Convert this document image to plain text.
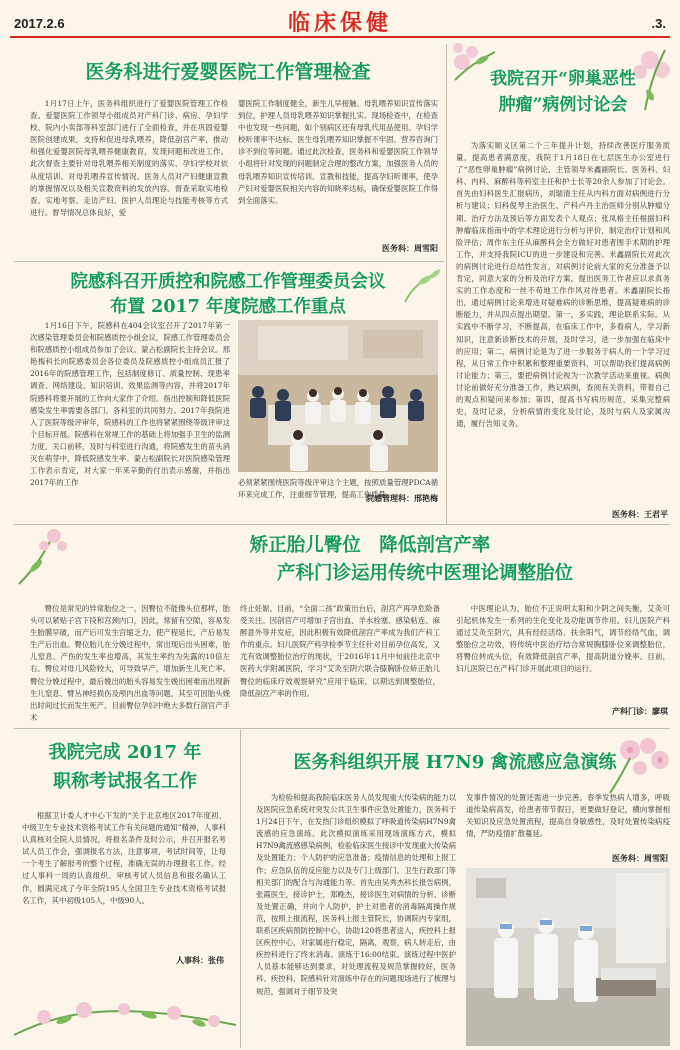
2017.2.6	临床保健	.3.
医务科进行爱婴医院工作管理检查

1月17日上午，医务科组织进行了爱婴医院管理工作检查。爱婴医院工作领导小组成员对产科门诊、病房、孕妇学校、院内小卖部等科室部门进行了全面检查，并在巩固爱婴医院创建成果，支持和促进母乳喂养，降低剖宫产率，推动和强化爱婴医院母乳喂养健康教育，发现问题和改进工作。此次督查主要针对母乳喂养相关制度的落实、孕妇学校对依从度培训、对母乳喂养宣传情况、医务人员对产妇健康宣教的掌握情况以及相关宣教资料的发放内容。督查采取实地检查、实地考察、走访产妇、医护人员理论与技能考核等方式进行。督导情况总体良好，爱

婴医院工作制度健全，新生儿早接触、母乳喂养知识宣传落实到位，护理人员母乳喂养知识掌握扎实。现场检查中，在检查中也发现一些问题，如个别病区还有母乳代用品使用、孕妇学校听课率不达标、医生母乳喂养知识掌握不牢固、营养咨询门诊不到位等问题。通过此次检查，医务科和爱婴医院工作领导小组将针对发现的问题制定合理的整改方案，加强医务人员的母乳喂养知识宣传培训、宣教和技能，提高孕妇听课率，使孕产妇对爱婴医院相关内容的知晓率达标，确保爱婴医院工作得到全面落实。

医务科：周雪阳
院感科召开质控和院感工作管理委员会议
布置 2017 年度院感工作重点

1月16日下午，院感科在404会议室召开了2017年第一次感染管理委员会和院感质控小组会议，院感工作管理委员会和院感质控小组成员参加了会议。蒙占松副院长主持会议。邢艳梅科长向院感委员会各位委员及院感质控小组成员汇报了2016年的院感管理工作，包括制度修订、质量控制、现患率调查、网络建设、知识培训、效果监测等内容，并将2017年院感科将要开展的工作向大家作了介绍。指出控制和降低医院感染发生率需要各部门、各科室的共同努力。2017年我院进入了医院等级评审年，院感科的工作也将紧紧围绕等级评审这个目标开展。院感科在常规工作的基础上将加强手卫生的监测力度，关口前移，及时与科室进行沟通，将院感发生的苗头消灭在萌芽中，降低院感发生率。蒙占松副院长对医院感染管理工作表示肯定，对大家一年来辛勤的付出表示感谢，并指出2017年的工作	必须紧紧围绕医院等级评审这个主题，按照质量管理PDCA循环来完成工作，注重细节管理，提高工作质量。
院感管理科：邢艳梅
我院召开“卵巢恶性
肿瘤”病例讨论会

为落实顺义区第二个三年提升计划，持续改善医疗服务质量，提高患者满意度，我院于1月18日在七层医生办公室进行了“恶性卵巢肿瘤”病例讨论，主管领导米鑫副院长、医务科、妇科、内科、麻醉科等科室主任和护士长等20余人参加了讨论会。首先由妇科医生汇报病历，刘瑞清主任从内科方面对病例进行分析与建议；妇科倪琴主治医生、产科卢丹主治医师分别从肿瘤分期、治疗方法及预后等方面发表个人观点；张凤格主任根据妇科肿瘤临床指南中的学术理论进行分析与评价，制定治疗计划和风险评估；周作东主任从麻醉科会全方做好对患者围手术期的护理工作，并支持我院ICU的进一步建设和完善。米鑫副院长对此次的病例讨论进行总结性发言，对病例讨论前大家的充分准备予以肯定，同意大家的分析及治疗方案，提出医务工作者应以求真务实的工作态度和一丝不苟地工作作风对待患者。米鑫副院长指出，通过病例讨论来增进对疑难病的诊断思维，提高疑难病的诊断能力，并从四点提出期望。第一，多实践，理论联系实际。从实践中不断学习，不断提高，在临床工作中，多看病人，学习新知识，注意新诊断技术的开展，及时学习，进一步加强在临床中的应用；第二，病例讨论是为了进一步服务于病人的一个学习过程，从日常工作中积累和整理重要资料，可以帮助我们提高病例讨论能力；第三，要把病例讨论视为一次教学活动来重视。病例讨论前做好充分准备工作，熟记病例，查阅有关资料，带着自己的观点和疑问来参加；第四，提高书写病历规范，采集完整病史，及时记录，分析病情的变化及讨论，及时与病人及家属沟通，履行告知义务。

医务科：王君平
矫正胎儿臀位　降低剖宫产率
产科门诊运用传统中医理论调整胎位

臀位是常见的异常胎位之一，因臀位不能像头位那样，胎头可以紧贴子宫下段和宫颈内口，因此，常留有空隙，容易发生胎膜早破，而产后可发生宫缩乏力，使产程延长，产后易发生产后出血。臀位胎儿在分娩过程中，常出现后出头困难，胎儿窒息、产伤的发生率也增高，其发生率约为先露的10倍左右。臀位对母儿风险较大，可导致早产，增加新生儿死亡率。臀位分娩过程中，最后娩出的胎头容易发生娩出困难而出现新生儿窒息、臂丛神经损伤及颅内出血等问题，其至可因胎头娩出时间过长而发生死产。目前臀位孕妇中绝大多数行剖宫产手术

终止妊娠。目前，“全面二孩”政策出台后，剖宫产再孕危险备受关注。因剖宫产可增加子宫出血、羊水栓塞、感染粘连、麻醉意外等并发症，因此积极有效降低剖宫产率成为我们产科工作的重点。妇儿医院产科孕检季节主任针对目前孕位高发，又尤有效调整胎位治疗的现状，于2016年11月中旬前往北京中医药大学附属医院，学习“艾灸至阴穴联合膝胸卧位矫正胎儿臀位的临床疗效观察研究”应用于临床，以期达到调整胎位，降低剖宫产率的作用。

中医理论认为，胎位不正说明太阳和少阴之间失衡，艾灸可引起机体发生一系列的生化变化及功能调节作用。妇儿医院产科通过艾灸至阴穴，具有经经活络、扶余阳气，调节经络气血，调整胎位之功效，将传统中医治疗结合常规胸膝卧位来调整胎位，将臀位转成头位，有效降低剖宫产率，提高阴道分娩率。目前，妇儿医院已在产科门诊开展此项目的运行。

产科门诊：廖琪
我院完成 2017 年
职称考试报名工作

根据卫计委人才中心下发的“关于北京地区2017年度初、中级卫生专业技术资格考试工作有关问题的通知”精神，人事科认真核对全院人员情况，将报名条件及时公示，并召开报名考试人员工作会，强调报名方法，注意事项，考试时间等，让每一个考生了解报考的整个过程，准确无误的办理报名工作。经过人事科一周的认真组织、审核考试人员信息和报名确认工作，圆满完成了今年全院195人全国卫生专业技术资格考试报名工作，其中初级105人，中级90人。

人事科：张伟
医务科组织开展 H7N9 禽流感应急演练

为检验和提高我院临床医务人员发现重大传染病的能力以及医院应急系统对突发公共卫生事件应急处置能力，医务科于1月24日下午，在发热门诊组织模拟了呼吸道传染病H7N9禽流感的应急演练。此次模拟演练采用现场演练方式，模拟H7N9禽流感感染病例，检验临床医生接诊中发现重大传染病及处置能力；个人防护的应急准备；疫情信息的处理和上报工作；应急队伍的反应能力以及专门上级部门、卫生行政部门等相关部门的配合与沟通能力等。首先由吴秀杰科长报告病例，张霞医生，接诊护士，郑晚杰，接诊医生对病情的分析、诊断及处置正确，并向个人防护，护士对患者的消毒隔离操作规范，按照上报流程，医务科上报主管院长，协调院内专家组，联系区疾病预防控制中心，协助120将患者送入，疾控科上报区疾控中心，对家属进行稳定，隔离，观察，病人转走后，由疾控科进行了终末消毒。演练于16:00结束。演练过程中医护人员基本能够达到要求，对处理流程及规范掌握较好，医务科、疾控科、院感科针对演练中存在的问题现场进行了梳理与规范，强调对于细节及突

发事件情况的处置还需进一步完善。春季发热病人增多，呼吸道传染病高发，给患者带节假日，更要做好登记，横向掌握相关知识及应急处置流程，提高自身敏感性，及时处置传染病疫情，严防疫情扩散蔓延。

医务科：周雪阳
